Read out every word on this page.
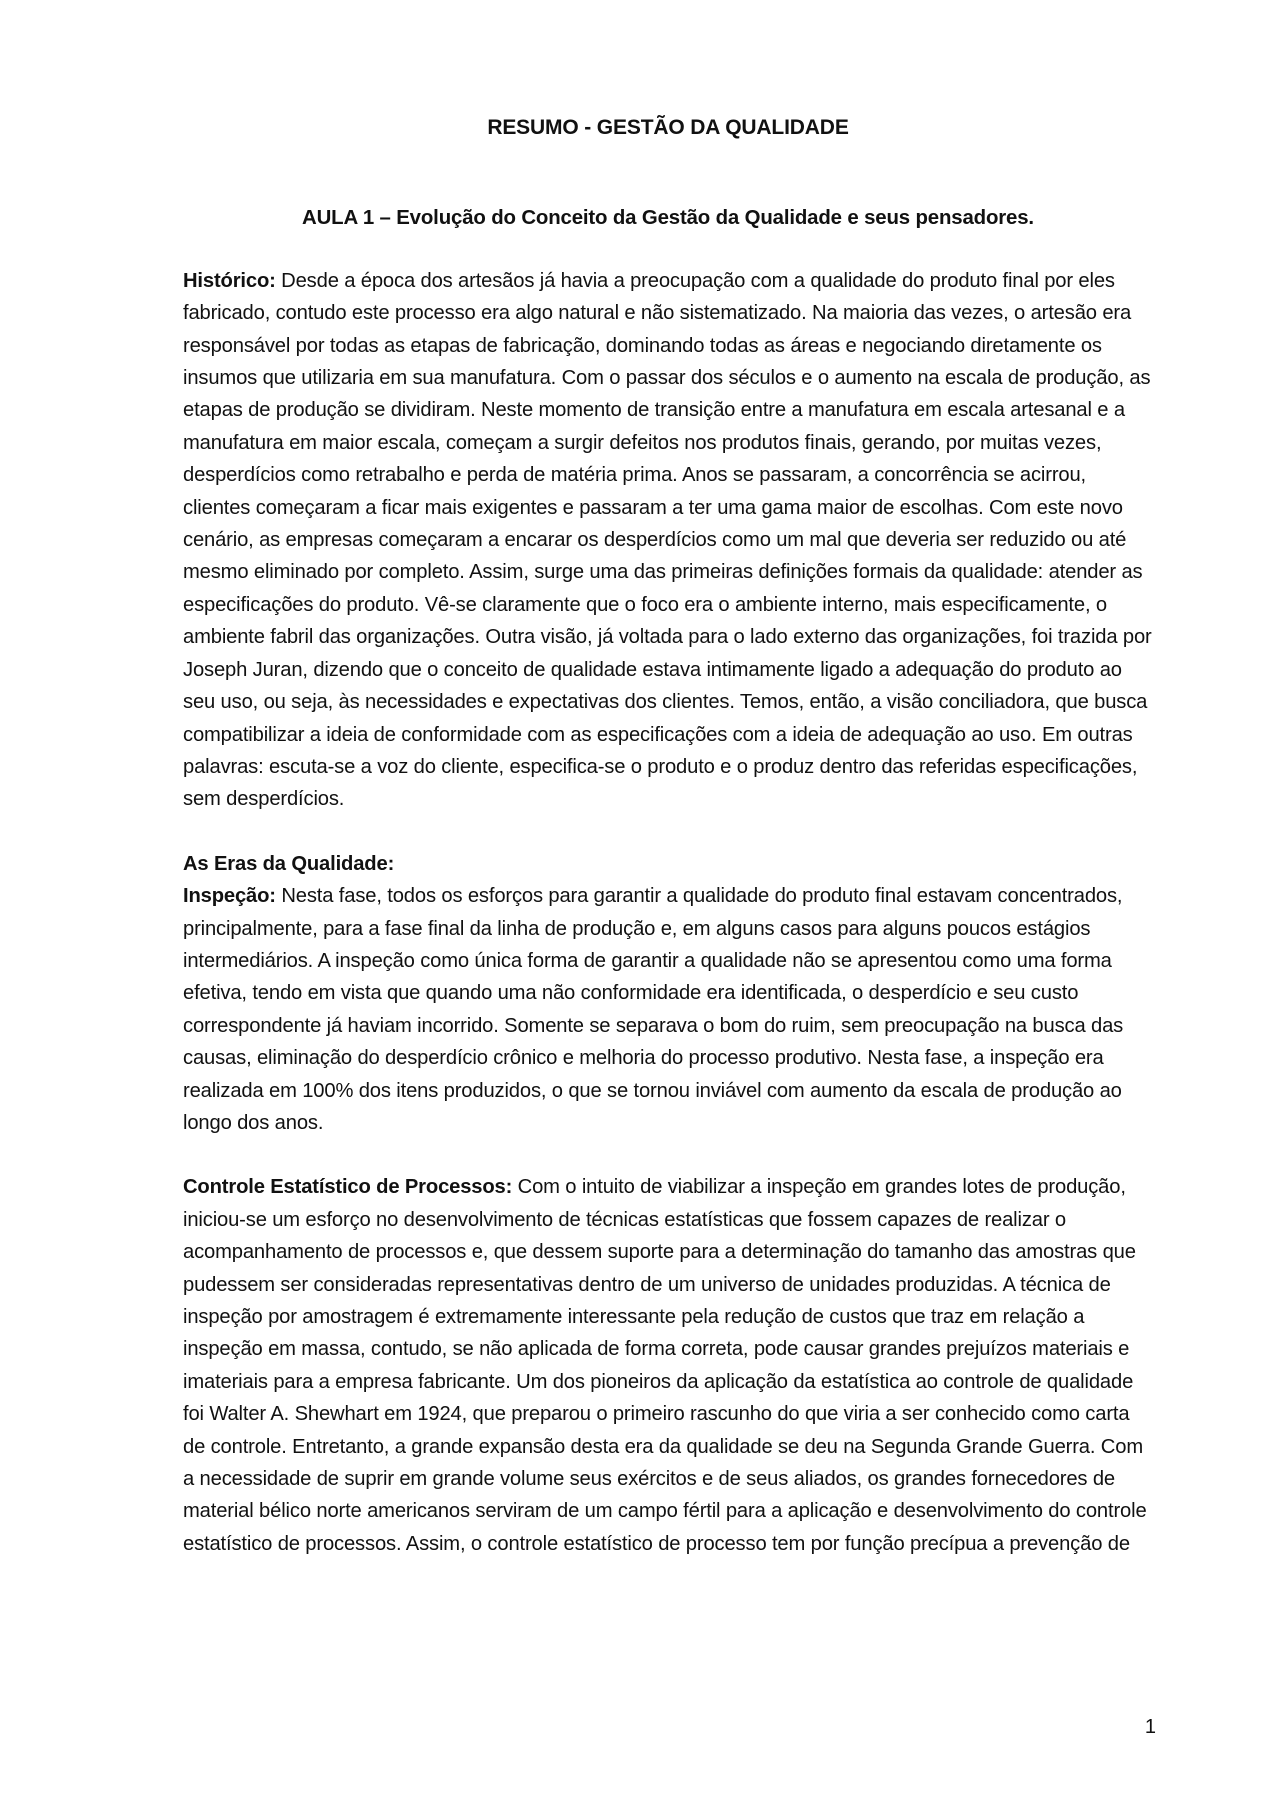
RESUMO - GESTÃO DA QUALIDADE
AULA 1 – Evolução do Conceito da Gestão da Qualidade e seus pensadores.

Histórico: Desde a época dos artesãos já havia a preocupação com a qualidade do produto final por eles fabricado, contudo este processo era algo natural e não sistematizado. Na maioria das vezes, o artesão era responsável por todas as etapas de fabricação, dominando todas as áreas e negociando diretamente os insumos que utilizaria em sua manufatura. Com o passar dos séculos e o aumento na escala de produção, as etapas de produção se dividiram. Neste momento de transição entre a manufatura em escala artesanal e a manufatura em maior escala, começam a surgir defeitos nos produtos finais, gerando, por muitas vezes, desperdícios como retrabalho e perda de matéria prima. Anos se passaram, a concorrência se acirrou, clientes começaram a ficar mais exigentes e passaram a ter uma gama maior de escolhas. Com este novo cenário, as empresas começaram a encarar os desperdícios como um mal que deveria ser reduzido ou até mesmo eliminado por completo. Assim, surge uma das primeiras definições formais da qualidade: atender as especificações do produto. Vê-se claramente que o foco era o ambiente interno, mais especificamente, o ambiente fabril das organizações. Outra visão, já voltada para o lado externo das organizações, foi trazida por Joseph Juran, dizendo que o conceito de qualidade estava intimamente ligado a adequação do produto ao seu uso, ou seja, às necessidades e expectativas dos clientes. Temos, então, a visão conciliadora, que busca compatibilizar a ideia de conformidade com as especificações com a ideia de adequação ao uso. Em outras palavras: escuta-se a voz do cliente, especifica-se o produto e o produz dentro das referidas especificações, sem desperdícios.

As Eras da Qualidade:

Inspeção: Nesta fase, todos os esforços para garantir a qualidade do produto final estavam concentrados, principalmente, para a fase final da linha de produção e, em alguns casos para alguns poucos estágios intermediários. A inspeção como única forma de garantir a qualidade não se apresentou como uma forma efetiva, tendo em vista que quando uma não conformidade era identificada, o desperdício e seu custo correspondente já haviam incorrido. Somente se separava o bom do ruim, sem preocupação na busca das causas, eliminação do desperdício crônico e melhoria do processo produtivo. Nesta fase, a inspeção era realizada em 100% dos itens produzidos, o que se tornou inviável com aumento da escala de produção ao longo dos anos.

Controle Estatístico de Processos: Com o intuito de viabilizar a inspeção em grandes lotes de produção, iniciou-se um esforço no desenvolvimento de técnicas estatísticas que fossem capazes de realizar o acompanhamento de processos e, que dessem suporte para a determinação do tamanho das amostras que pudessem ser consideradas representativas dentro de um universo de unidades produzidas. A técnica de inspeção por amostragem é extremamente interessante pela redução de custos que traz em relação a inspeção em massa, contudo, se não aplicada de forma correta, pode causar grandes prejuízos materiais e imateriais para a empresa fabricante. Um dos pioneiros da aplicação da estatística ao controle de qualidade foi Walter A. Shewhart em 1924, que preparou o primeiro rascunho do que viria a ser conhecido como carta de controle. Entretanto, a grande expansão desta era da qualidade se deu na Segunda Grande Guerra. Com a necessidade de suprir em grande volume seus exércitos e de seus aliados, os grandes fornecedores de material bélico norte americanos serviram de um campo fértil para a aplicação e desenvolvimento do controle estatístico de processos. Assim, o controle estatístico de processo tem por função precípua a prevenção de

1
